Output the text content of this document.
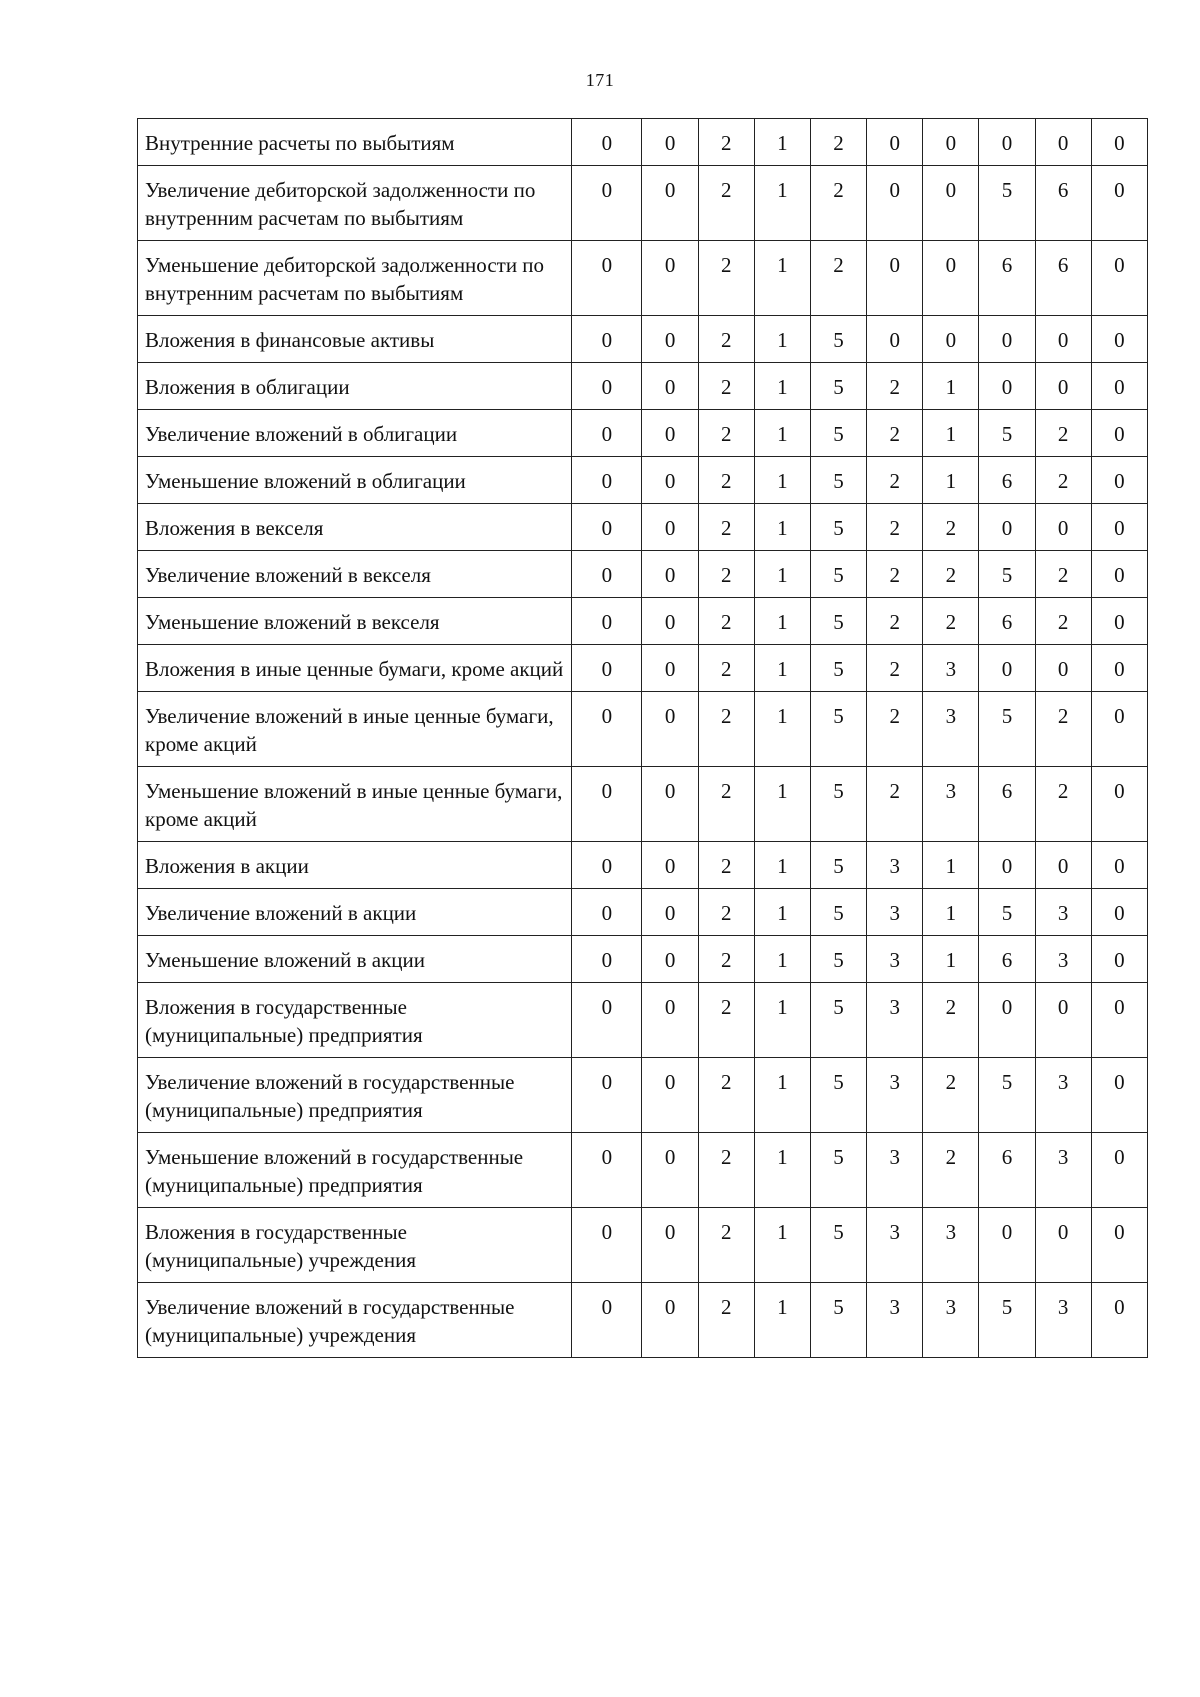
171
Внутренние расчеты по выбытиям	0	0	2	1	2	0	0	0	0	0
Увеличение дебиторской задолженности по внутренним расчетам по выбытиям	0	0	2	1	2	0	0	5	6	0
Уменьшение дебиторской задолженности по внутренним расчетам по выбытиям	0	0	2	1	2	0	0	6	6	0
Вложения в финансовые активы	0	0	2	1	5	0	0	0	0	0
Вложения в облигации	0	0	2	1	5	2	1	0	0	0
Увеличение вложений в облигации	0	0	2	1	5	2	1	5	2	0
Уменьшение вложений в облигации	0	0	2	1	5	2	1	6	2	0
Вложения в векселя	0	0	2	1	5	2	2	0	0	0
Увеличение вложений в векселя	0	0	2	1	5	2	2	5	2	0
Уменьшение вложений в векселя	0	0	2	1	5	2	2	6	2	0
Вложения в иные ценные бумаги, кроме акций	0	0	2	1	5	2	3	0	0	0
Увеличение вложений в иные ценные бумаги, кроме акций	0	0	2	1	5	2	3	5	2	0
Уменьшение вложений в иные ценные бумаги, кроме акций	0	0	2	1	5	2	3	6	2	0
Вложения в акции	0	0	2	1	5	3	1	0	0	0
Увеличение вложений в акции	0	0	2	1	5	3	1	5	3	0
Уменьшение вложений в акции	0	0	2	1	5	3	1	6	3	0
Вложения в государственные (муниципальные) предприятия	0	0	2	1	5	3	2	0	0	0
Увеличение вложений в государственные (муниципальные) предприятия	0	0	2	1	5	3	2	5	3	0
Уменьшение вложений в государственные (муниципальные) предприятия	0	0	2	1	5	3	2	6	3	0
Вложения в государственные (муниципальные) учреждения	0	0	2	1	5	3	3	0	0	0
Увеличение вложений в государственные (муниципальные) учреждения	0	0	2	1	5	3	3	5	3	0
